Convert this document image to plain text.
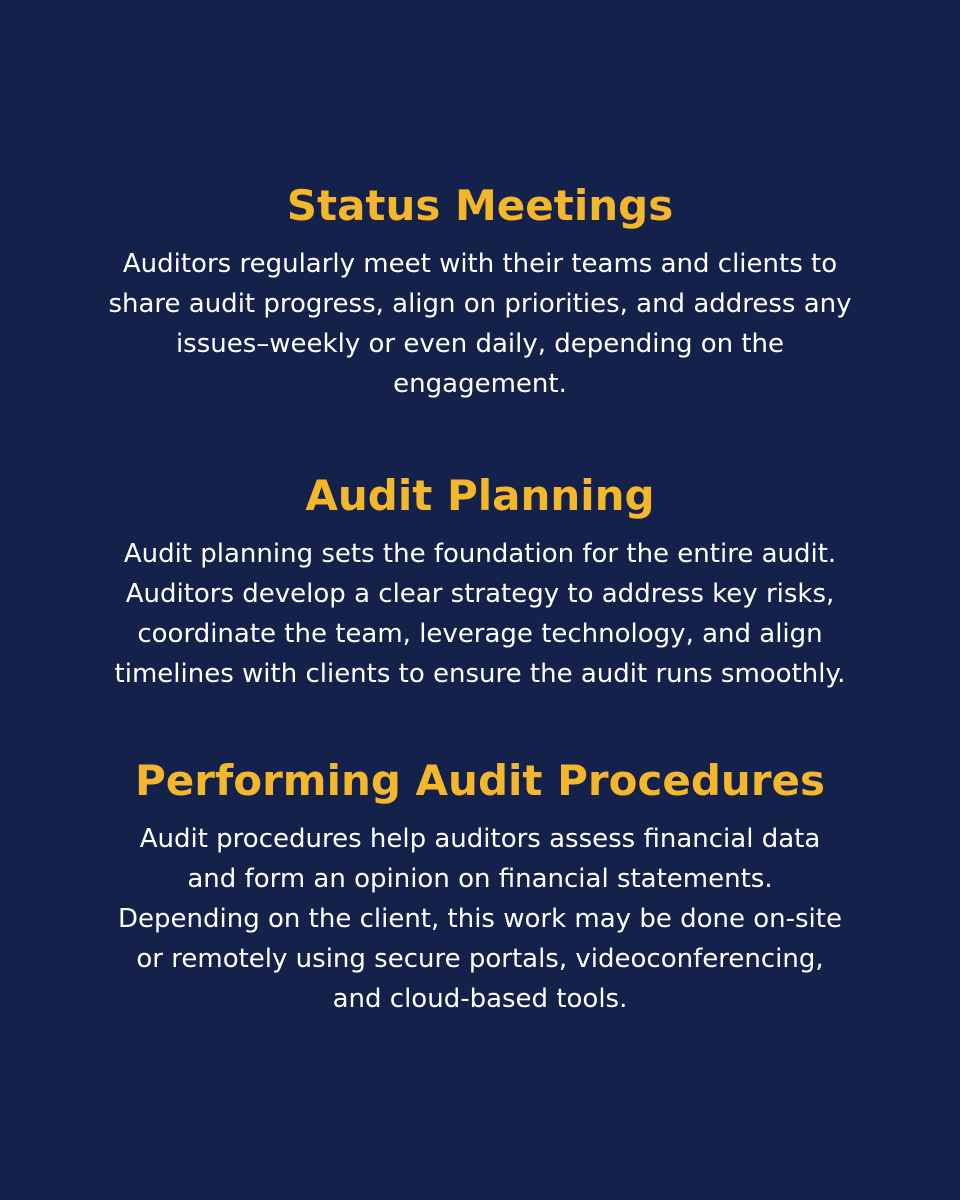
Status Meetings

Auditors regularly meet with their teams and clients to
share audit progress, align on priorities, and address any
issues–weekly or even daily, depending on the
engagement.

Audit Planning

Audit planning sets the foundation for the entire audit.
Auditors develop a clear strategy to address key risks,
coordinate the team, leverage technology, and align
timelines with clients to ensure the audit runs smoothly.

Performing Audit Procedures

Audit procedures help auditors assess financial data
and form an opinion on financial statements.
Depending on the client, this work may be done on-site
or remotely using secure portals, videoconferencing,
and cloud-based tools.
